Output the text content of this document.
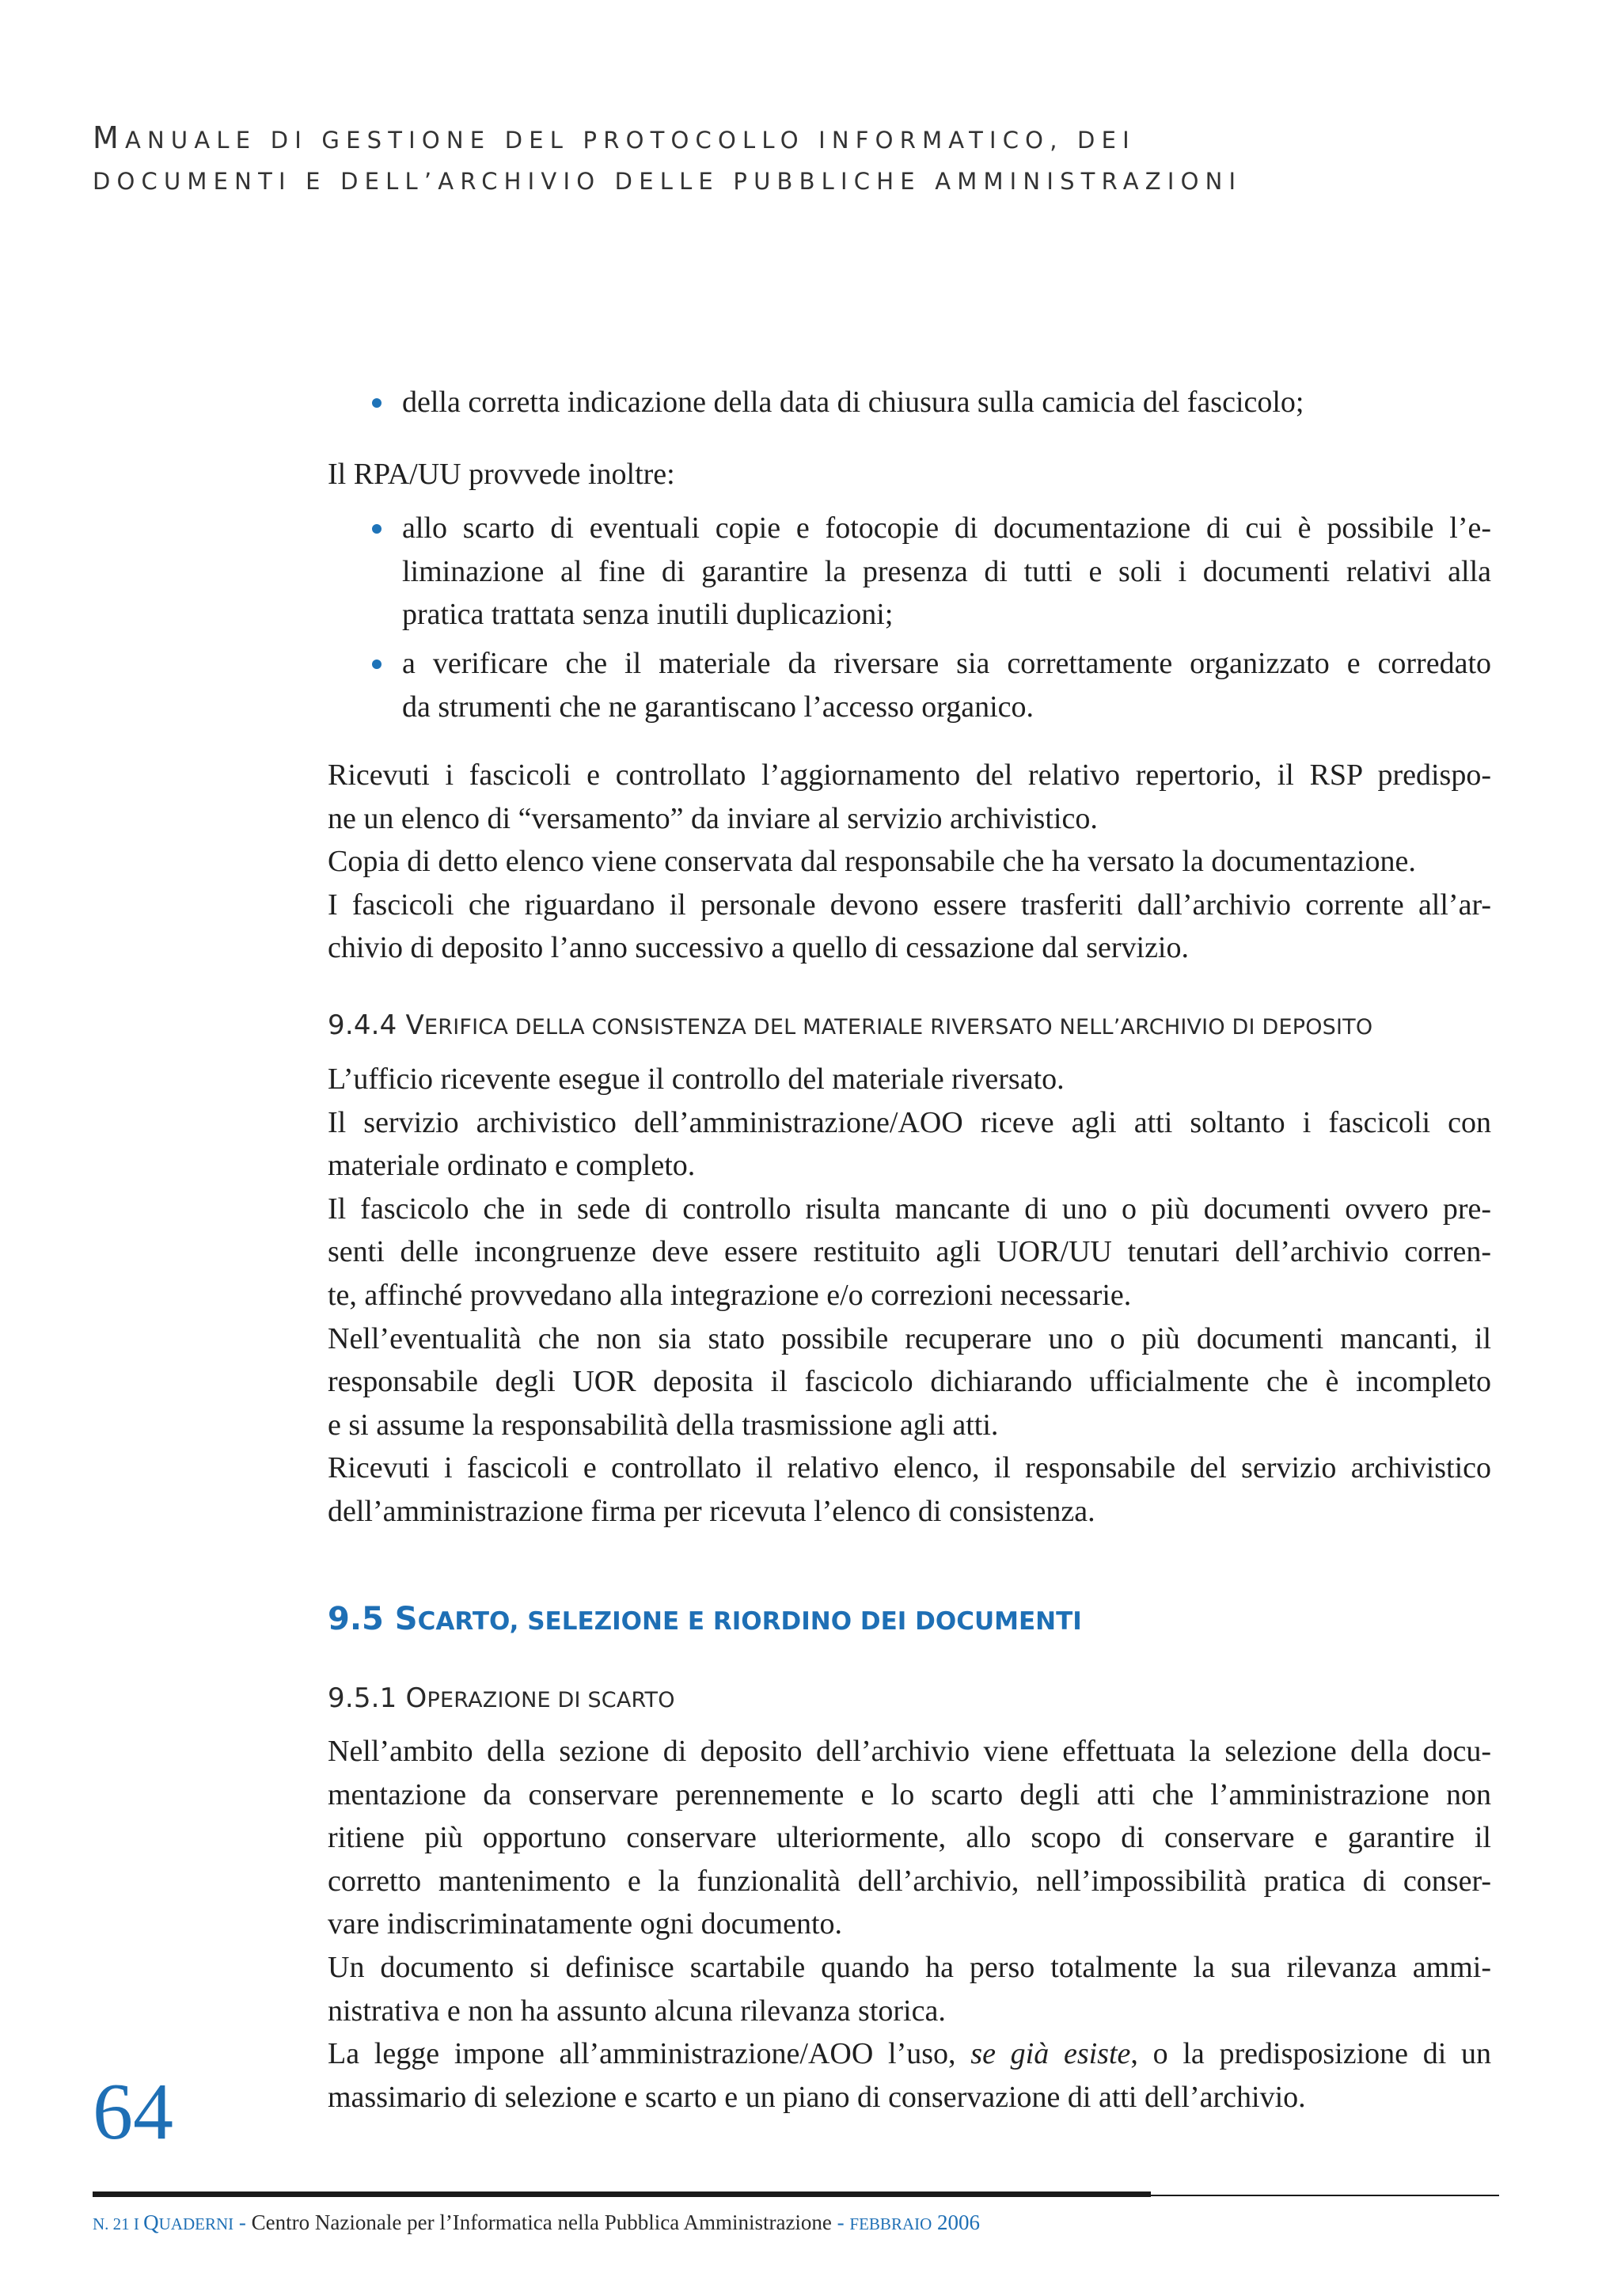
MANUALE DI GESTIONE DEL PROTOCOLLO INFORMATICO, DEI
DOCUMENTI E DELL’ARCHIVIO DELLE PUBBLICHE AMMINISTRAZIONI
della corretta indicazione della data di chiusura sulla camicia del fascicolo;

Il RPA/UU provvede inoltre:

allo scarto di eventuali copie e fotocopie di documentazione di cui è possibile l’e-
liminazione al fine di garantire la presenza di tutti e soli i documenti relativi alla
pratica trattata senza inutili duplicazioni;
a verificare che il materiale da riversare sia correttamente organizzato e corredato
da strumenti che ne garantiscano l’accesso organico.
Ricevuti i fascicoli e controllato l’aggiornamento del relativo repertorio, il RSP predispo-
ne un elenco di “versamento” da inviare al servizio archivistico.
Copia di detto elenco viene conservata dal responsabile che ha versato la documentazione.
I fascicoli che riguardano il personale devono essere trasferiti dall’archivio corrente all’ar-
chivio di deposito l’anno successivo a quello di cessazione dal servizio.
9.4.4 VERIFICA DELLA CONSISTENZA DEL MATERIALE RIVERSATO NELL’ARCHIVIO DI DEPOSITO
L’ufficio ricevente esegue il controllo del materiale riversato.
Il servizio archivistico dell’amministrazione/AOO riceve agli atti soltanto i fascicoli con
materiale ordinato e completo.
Il fascicolo che in sede di controllo risulta mancante di uno o più documenti ovvero pre-
senti delle incongruenze deve essere restituito agli UOR/UU tenutari dell’archivio corren-
te, affinché provvedano alla integrazione e/o correzioni necessarie.
Nell’eventualità che non sia stato possibile recuperare uno o più documenti mancanti, il
responsabile degli UOR deposita il fascicolo dichiarando ufficialmente che è incompleto
e si assume la responsabilità della trasmissione agli atti.
Ricevuti i fascicoli e controllato il relativo elenco, il responsabile del servizio archivistico
dell’amministrazione firma per ricevuta l’elenco di consistenza.
9.5 SCARTO, SELEZIONE E RIORDINO DEI DOCUMENTI
9.5.1 OPERAZIONE DI SCARTO
Nell’ambito della sezione di deposito dell’archivio viene effettuata la selezione della docu-
mentazione da conservare perennemente e lo scarto degli atti che l’amministrazione non
ritiene più opportuno conservare ulteriormente, allo scopo di conservare e garantire il
corretto mantenimento e la funzionalità dell’archivio, nell’impossibilità pratica di conser-
vare indiscriminatamente ogni documento.
Un documento si definisce scartabile quando ha perso totalmente la sua rilevanza ammi-
nistrativa e non ha assunto alcuna rilevanza storica.
La legge impone all’amministrazione/AOO l’uso, se già esiste, o la predisposizione di un
massimario di selezione e scarto e un piano di conservazione di atti dell’archivio.
64
N. 21 I QUADERNI - Centro Nazionale per l’Informatica nella Pubblica Amministrazione - FEBBRAIO 2006
